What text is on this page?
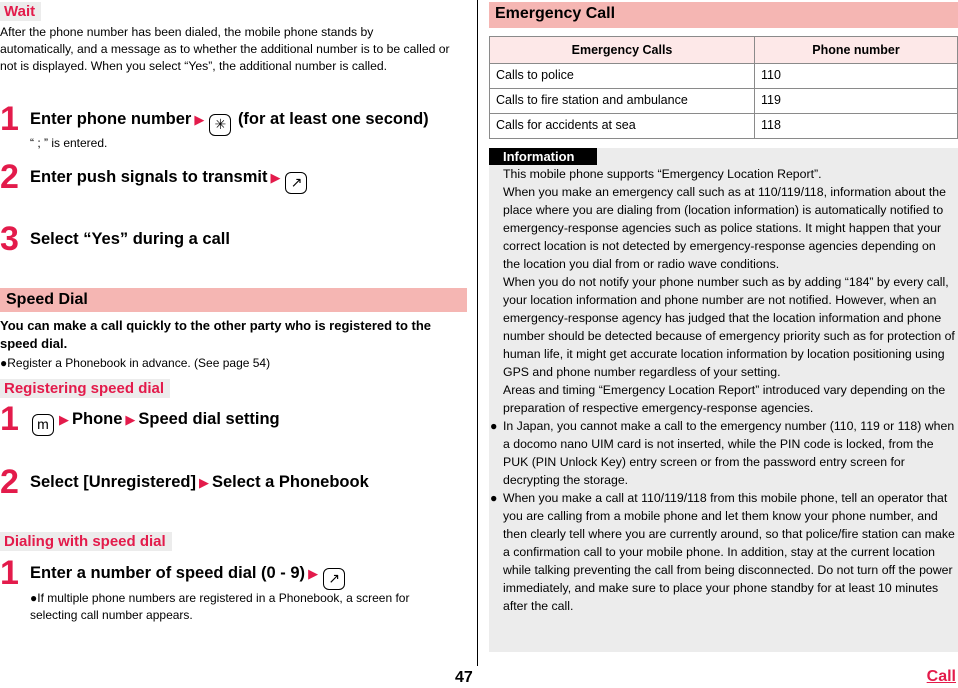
Wait

After the phone number has been dialed, the mobile phone stands by automatically, and a message as to whether the additional number is to be called or not is displayed. When you select “Yes”, the additional number is called.

1 Enter phone number ▶ ✳ (for at least one second)

“ ; ” is entered.

2 Enter push signals to transmit ▶ ↗
3 Select “Yes” during a call
Speed Dial

You can make a call quickly to the other party who is registered to the speed dial.

●Register a Phonebook in advance. (See page 54)

Registering speed dial
1	m ▶ Phone ▶ Speed dial setting
2 Select [Unregistered] ▶ Select a Phonebook
Dialing with speed dial
1 Enter a number of speed dial (0 - 9) ▶ ↗

●If multiple phone numbers are registered in a Phonebook, a screen for selecting call number appears.

Emergency Call
Emergency Calls	Phone number
Calls to police	110
Calls to fire station and ambulance	119
Calls for accidents at sea	118
Information

This mobile phone supports “Emergency Location Report”.

When you make an emergency call such as at 110/119/118, information about the place where you are dialing from (location information) is automatically notified to emergency-response agencies such as police stations. It might happen that your correct location is not detected by emergency-response agencies depending on the location you dial from or radio wave conditions.

When you do not notify your phone number such as by adding “184” by every call, your location information and phone number are not notified. However, when an emergency-response agency has judged that the location information and phone number should be detected because of emergency priority such as for protection of human life, it might get accurate location information by location positioning using GPS and phone number regardless of your setting.

Areas and timing “Emergency Location Report” introduced vary depending on the preparation of respective emergency-response agencies.

● In Japan, you cannot make a call to the emergency number (110, 119 or 118) when a docomo nano UIM card is not inserted, while the PIN code is locked, from the PUK (PIN Unlock Key) entry screen or from the password entry screen for decrypting the storage.

● When you make a call at 110/119/118 from this mobile phone, tell an operator that you are calling from a mobile phone and let them know your phone number, and then clearly tell where you are currently around, so that police/fire station can make a confirmation call to your mobile phone. In addition, stay at the current location while talking preventing the call from being disconnected. Do not turn off the power immediately, and make sure to place your phone standby for at least 10 minutes after the call.

47	Call
